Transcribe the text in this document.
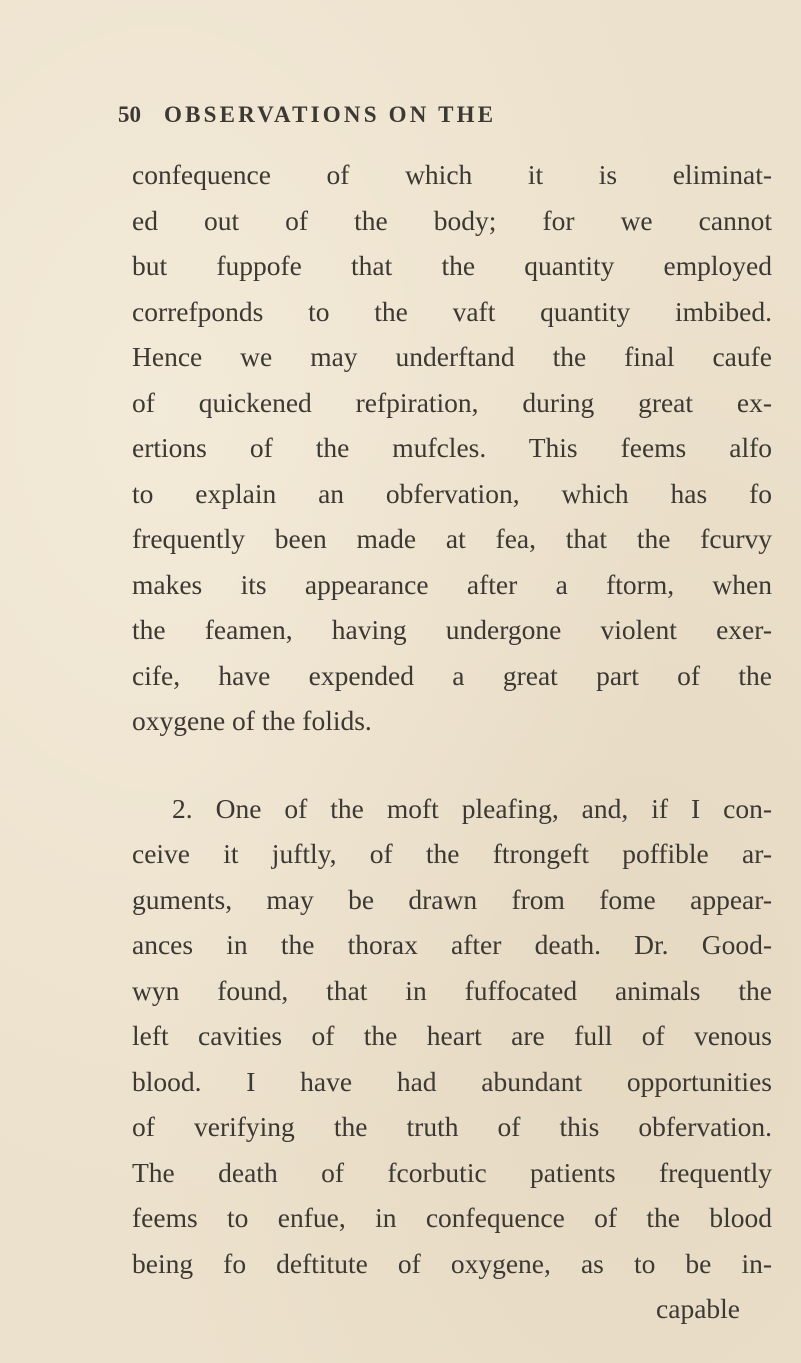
50 OBSERVATIONS ON THE
confequence of which it is eliminat-
ed out of the body; for we cannot
but fuppofe that the quantity employed
correfponds to the vaft quantity imbibed.
Hence we may underftand the final caufe
of quickened refpiration, during great ex-
ertions of the mufcles. This feems alfo
to explain an obfervation, which has fo
frequently been made at fea, that the fcurvy
makes its appearance after a ftorm, when
the feamen, having undergone violent exer-
cife, have expended a great part of the
oxygene of the folids.
2. One of the moft pleafing, and, if I con-
ceive it juftly, of the ftrongeft poffible ar-
guments, may be drawn from fome appear-
ances in the thorax after death. Dr. Good-
wyn found, that in fuffocated animals the
left cavities of the heart are full of venous
blood. I have had abundant opportunities
of verifying the truth of this obfervation.
The death of fcorbutic patients frequently
feems to enfue, in confequence of the blood
being fo deftitute of oxygene, as to be in-
capable
